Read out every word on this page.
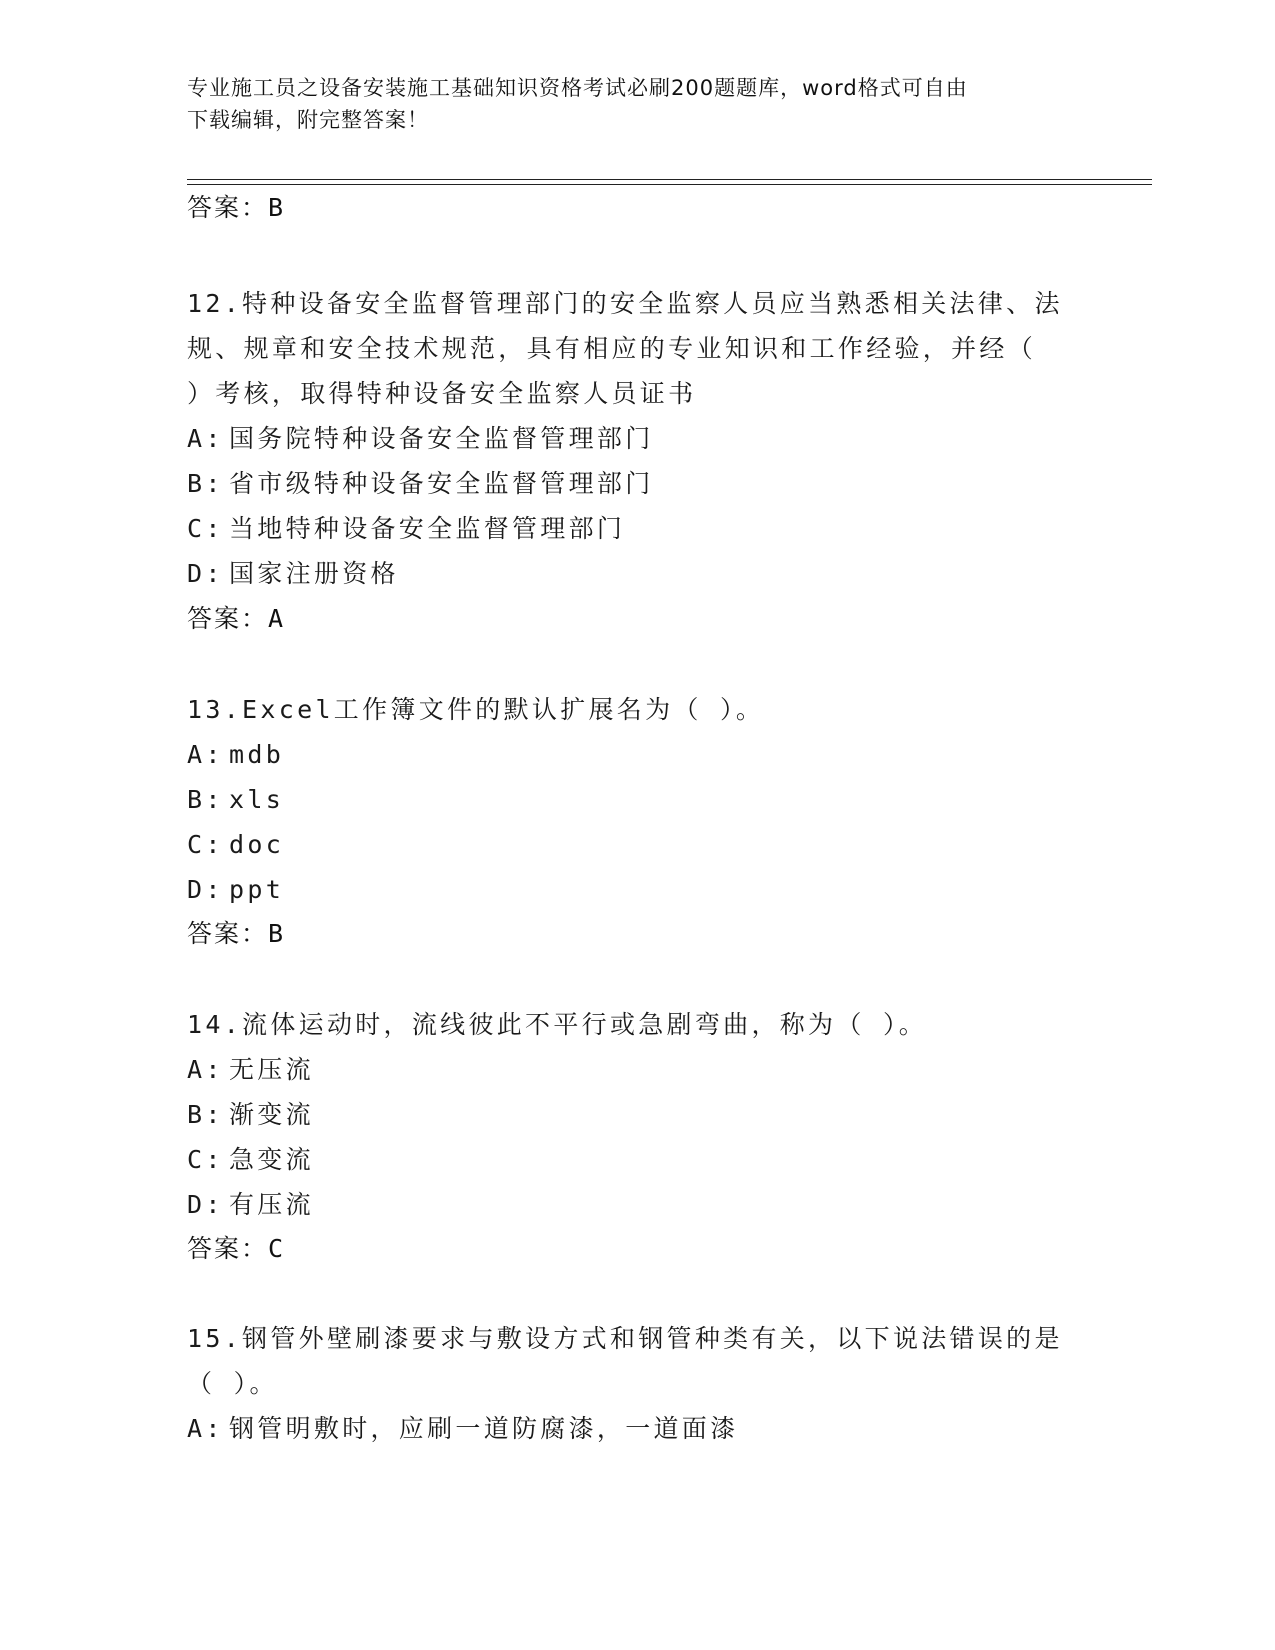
专业施工员之设备安装施工基础知识资格考试必刷200题题库，word格式可自由
下载编辑，附完整答案！
答案：B
12.特种设备安全监督管理部门的安全监察人员应当熟悉相关法律、法
规、规章和安全技术规范，具有相应的专业知识和工作经验，并经（
）考核，取得特种设备安全监察人员证书
A: 国务院特种设备安全监督管理部门
B: 省市级特种设备安全监督管理部门
C: 当地特种设备安全监督管理部门
D: 国家注册资格
答案：A
13.Excel工作簿文件的默认扩展名为（ ）。
A: mdb
B: xls
C: doc
D: ppt
答案：B
14.流体运动时，流线彼此不平行或急剧弯曲，称为（ ）。
A: 无压流
B: 渐变流
C: 急变流
D: 有压流
答案：C
15.钢管外壁刷漆要求与敷设方式和钢管种类有关，以下说法错误的是
（ ）。
A: 钢管明敷时，应刷一道防腐漆，一道面漆
